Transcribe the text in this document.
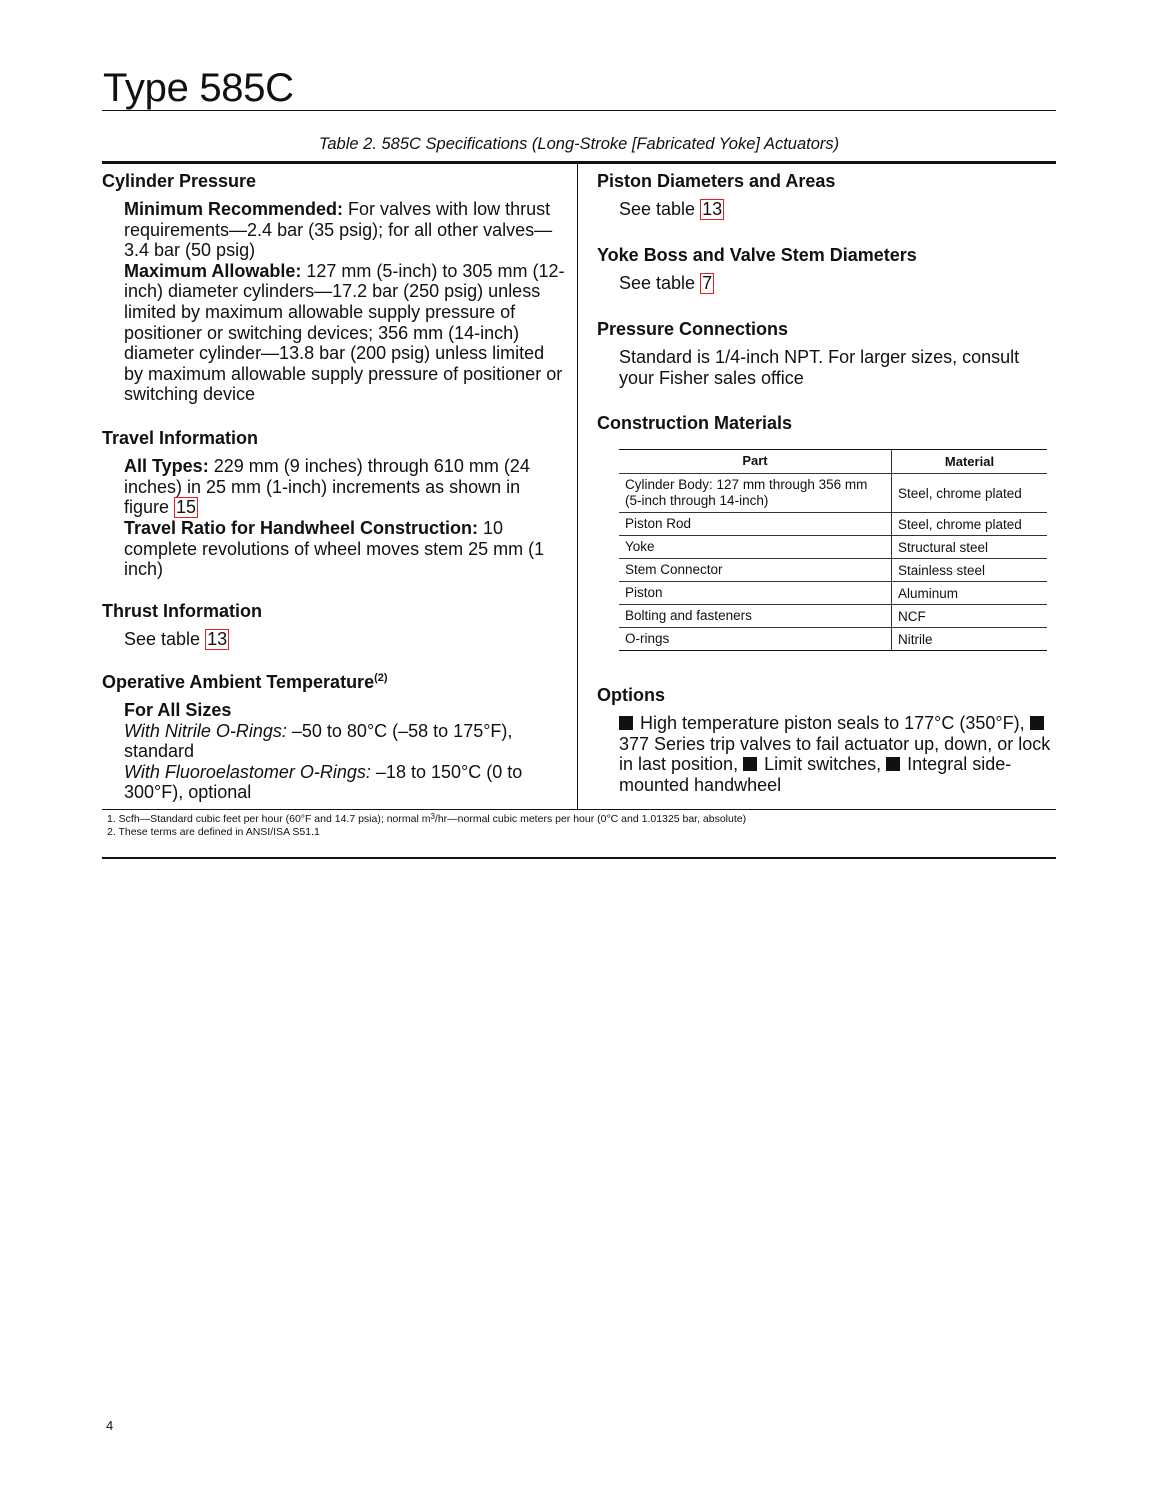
Type 585C
Table 2. 585C Specifications (Long-Stroke [Fabricated Yoke] Actuators)
Cylinder Pressure

Minimum Recommended: For valves with low thrust requirements—2.4 bar (35 psig); for all other valves—3.4 bar (50 psig)

Maximum Allowable: 127 mm (5-inch) to 305 mm (12-inch) diameter cylinders—17.2 bar (250 psig) unless limited by maximum allowable supply pressure of positioner or switching devices; 356 mm (14-inch) diameter cylinder—13.8 bar (200 psig) unless limited by maximum allowable supply pressure of positioner or switching device

Travel Information

All Types: 229 mm (9 inches) through 610 mm (24 inches) in 25 mm (1-inch) increments as shown in figure 15

Travel Ratio for Handwheel Construction: 10 complete revolutions of wheel moves stem 25 mm (1 inch)

Thrust Information

See table 13

Operative Ambient Temperature$^{(2)}$

For All Sizes

With Nitrile O-Rings: –50 to 80°C (–58 to 175°F), standard

With Fluoroelastomer O-Rings: –18 to 150°C (0 to 300°F), optional

Piston Diameters and Areas

See table 13

Yoke Boss and Valve Stem Diameters

See table 7

Pressure Connections

Standard is 1/4-inch NPT. For larger sizes, consult your Fisher sales office

Construction Materials
Part	Material
Cylinder Body: 127 mm through 356 mm (5-inch through 14-inch)	Steel, chrome plated
Piston Rod	Steel, chrome plated
Yoke	Structural steel
Stem Connector	Stainless steel
Piston	Aluminum
Bolting and fasteners	NCF
O-rings	Nitrile
Options

High temperature piston seals to 177°C (350°F),  377 Series trip valves to fail actuator up, down, or lock in last position, Limit switches, Integral side-mounted handwheel

1. Scfh—Standard cubic feet per hour (60°F and 14.7 psia); normal $m^3/hr—normal$ cubic meters per hour (0°C and 1.01325 bar, absolute)
2. These terms are defined in ANSI/ISA S51.1
4
